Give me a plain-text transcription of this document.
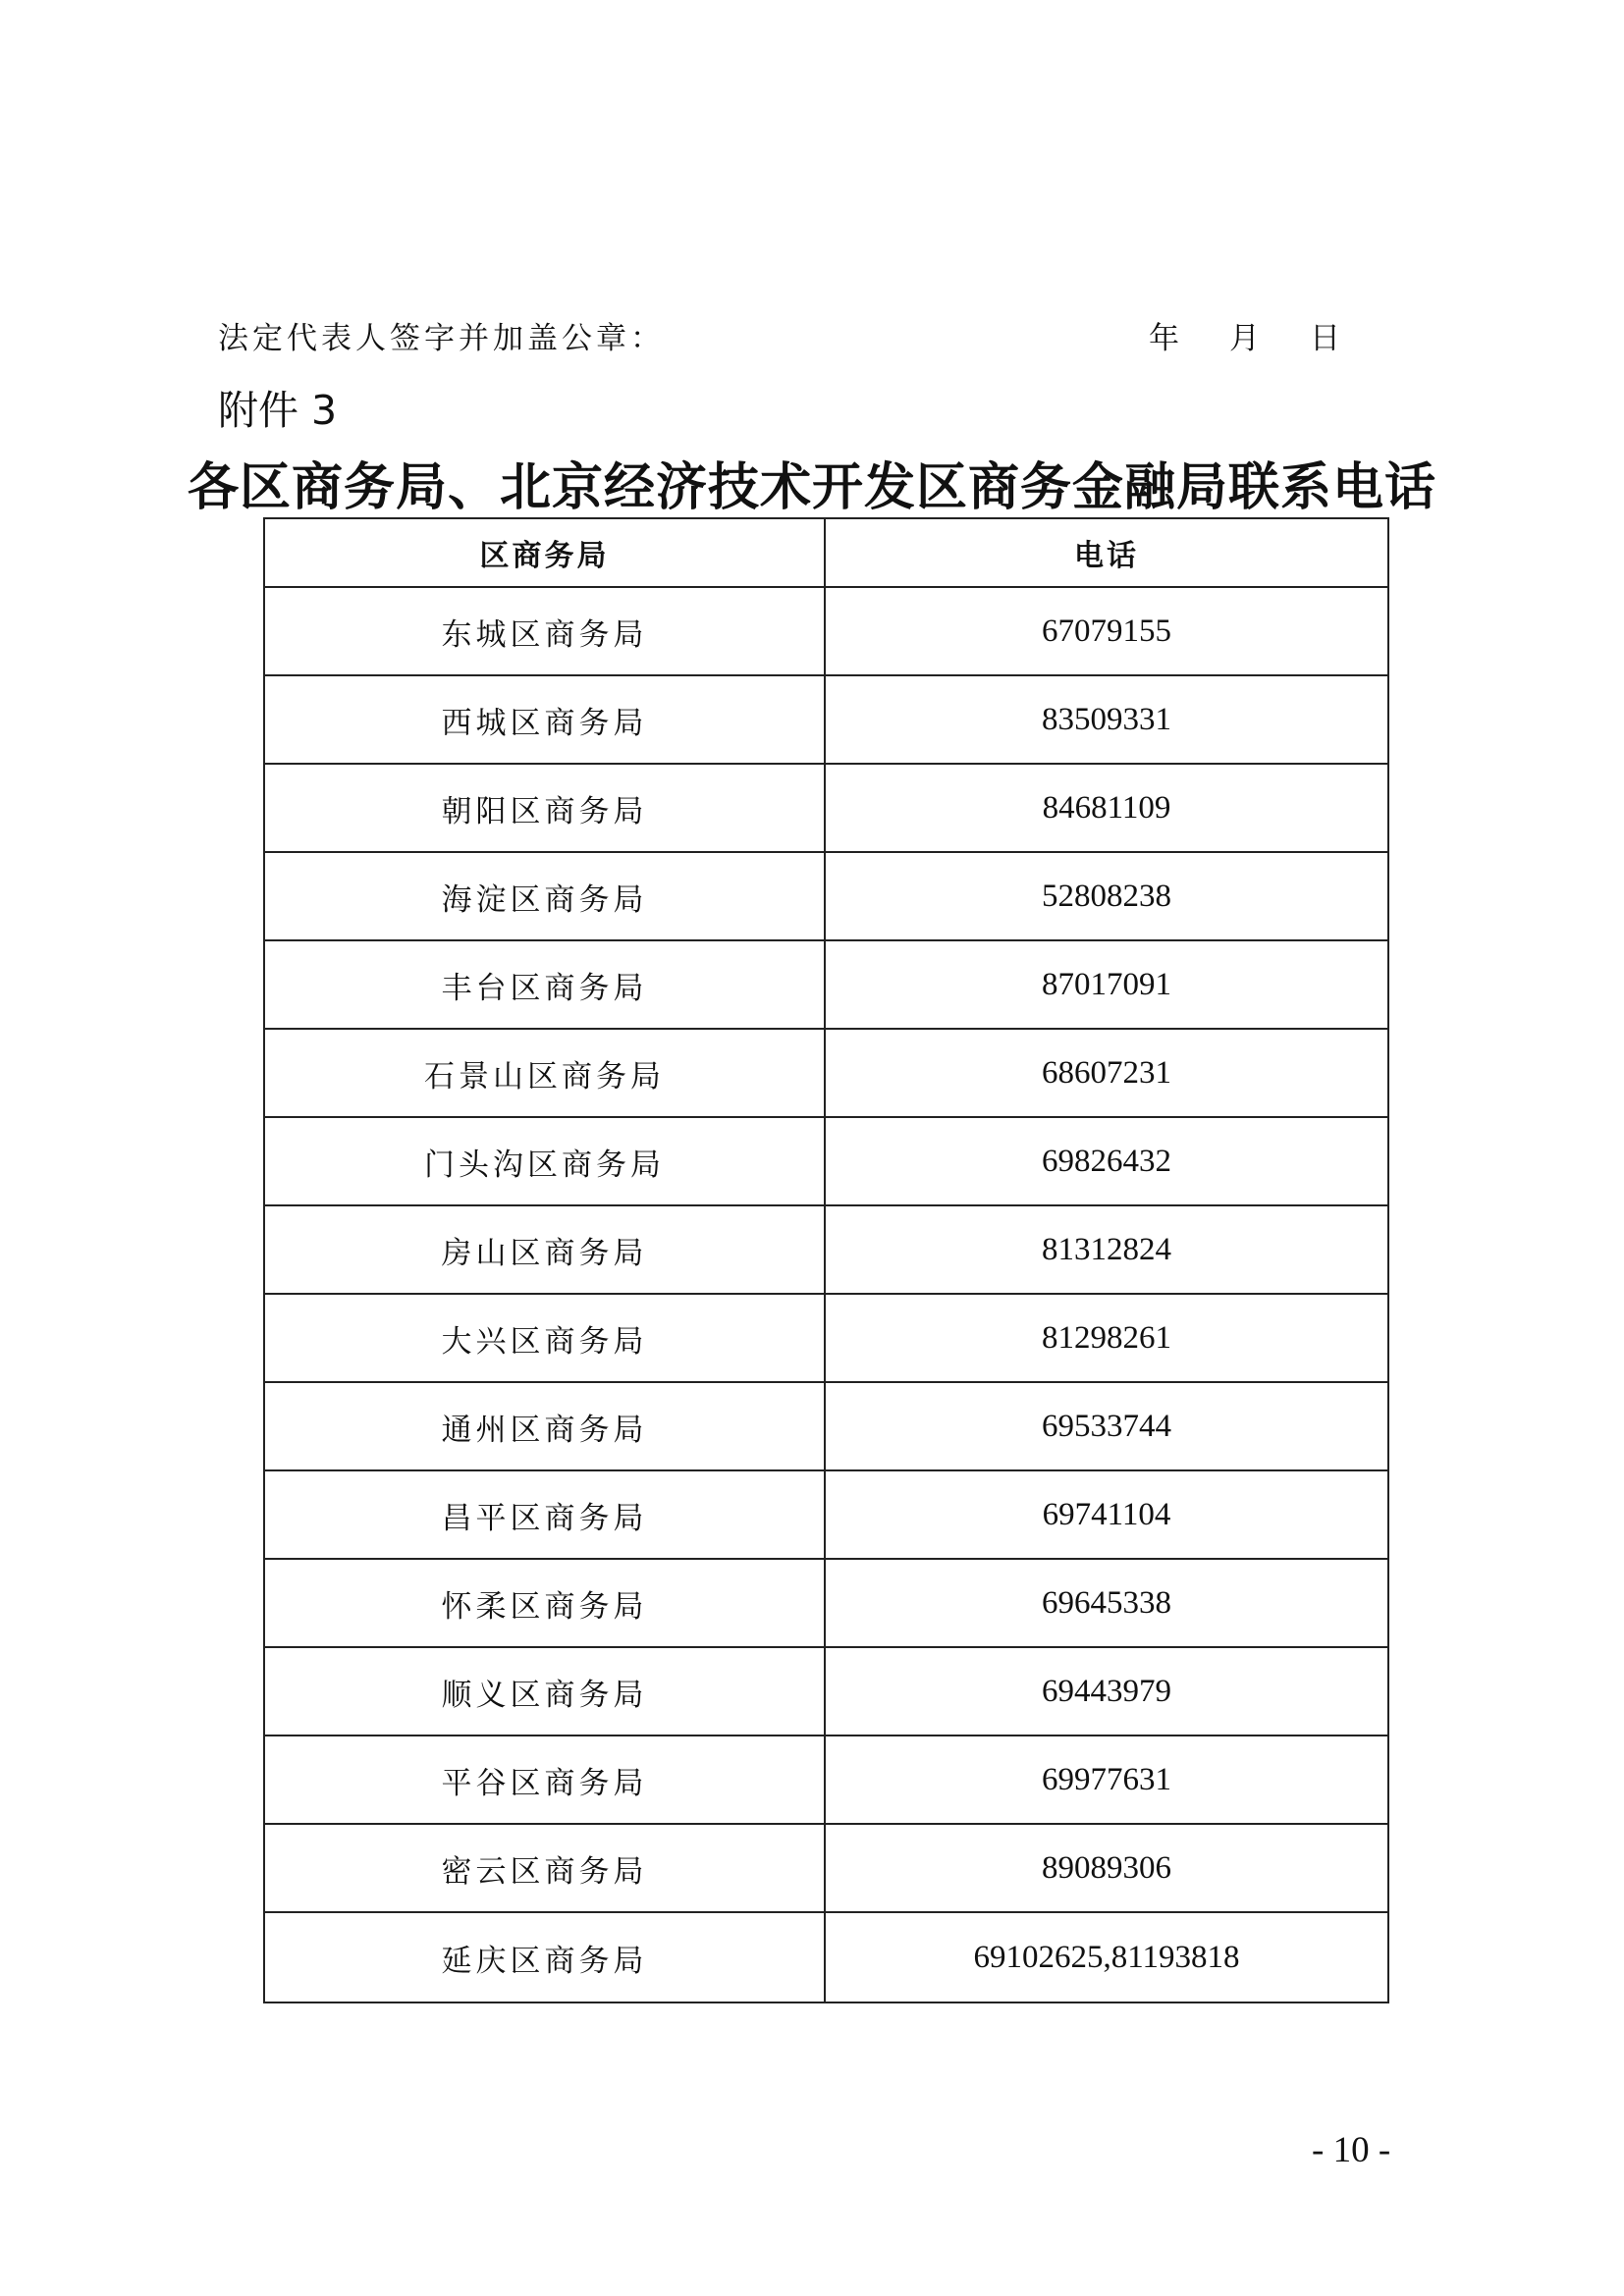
法定代表人签字并加盖公章：	年 月 日
附件 3
各区商务局、北京经济技术开发区商务金融局联系电话
区商务局	电话
东城区商务局	67079155
西城区商务局	83509331
朝阳区商务局	84681109
海淀区商务局	52808238
丰台区商务局	87017091
石景山区商务局	68607231
门头沟区商务局	69826432
房山区商务局	81312824
大兴区商务局	81298261
通州区商务局	69533744
昌平区商务局	69741104
怀柔区商务局	69645338
顺义区商务局	69443979
平谷区商务局	69977631
密云区商务局	89089306
延庆区商务局	69102625,81193818
- 10 -
